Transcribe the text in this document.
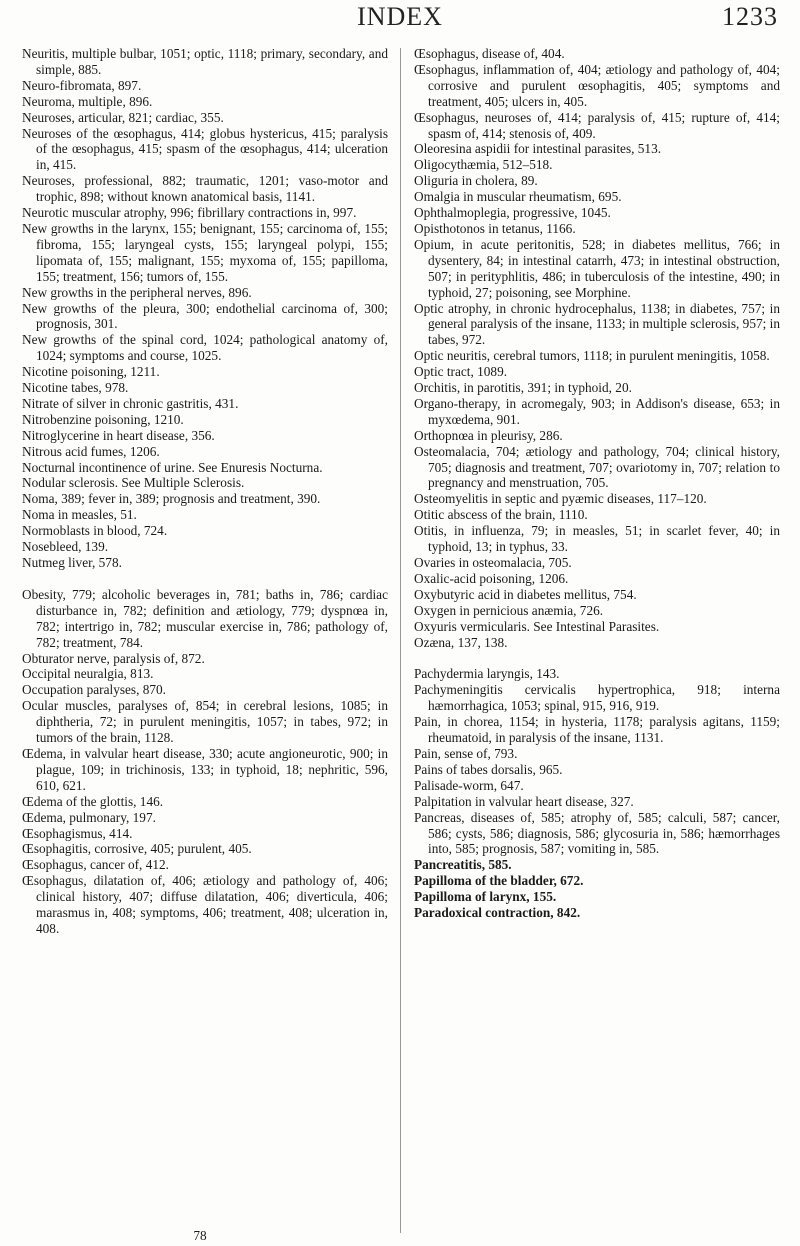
INDEX	1233

Neuritis, multiple bulbar, 1051; optic, 1118; primary, secondary, and simple, 885.

Neuro-fibromata, 897.

Neuroma, multiple, 896.

Neuroses, articular, 821; cardiac, 355.

Neuroses of the œsophagus, 414; globus hystericus, 415; paralysis of the œsophagus, 415; spasm of the œsophagus, 414; ulceration in, 415.

Neuroses, professional, 882; traumatic, 1201; vaso-motor and trophic, 898; without known anatomical basis, 1141.

Neurotic muscular atrophy, 996; fibrillary contractions in, 997.

New growths in the larynx, 155; benignant, 155; carcinoma of, 155; fibroma, 155; laryngeal cysts, 155; laryngeal polypi, 155; lipomata of, 155; malignant, 155; myxoma of, 155; papilloma, 155; treatment, 156; tumors of, 155.

New growths in the peripheral nerves, 896.

New growths of the pleura, 300; endothelial carcinoma of, 300; prognosis, 301.

New growths of the spinal cord, 1024; pathological anatomy of, 1024; symptoms and course, 1025.

Nicotine poisoning, 1211.

Nicotine tabes, 978.

Nitrate of silver in chronic gastritis, 431.

Nitrobenzine poisoning, 1210.

Nitroglycerine in heart disease, 356.

Nitrous acid fumes, 1206.

Nocturnal incontinence of urine. See Enuresis Nocturna.

Nodular sclerosis. See Multiple Sclerosis.

Noma, 389; fever in, 389; prognosis and treatment, 390.

Noma in measles, 51.

Normoblasts in blood, 724.

Nosebleed, 139.

Nutmeg liver, 578.

Obesity, 779; alcoholic beverages in, 781; baths in, 786; cardiac disturbance in, 782; definition and ætiology, 779; dyspnœa in, 782; intertrigo in, 782; muscular exercise in, 786; pathology of, 782; treatment, 784.

Obturator nerve, paralysis of, 872.

Occipital neuralgia, 813.

Occupation paralyses, 870.

Ocular muscles, paralyses of, 854; in cerebral lesions, 1085; in diphtheria, 72; in purulent meningitis, 1057; in tabes, 972; in tumors of the brain, 1128.

Œdema, in valvular heart disease, 330; acute angioneurotic, 900; in plague, 109; in trichinosis, 133; in typhoid, 18; nephritic, 596, 610, 621.

Œdema of the glottis, 146.

Œdema, pulmonary, 197.

Œsophagismus, 414.

Œsophagitis, corrosive, 405; purulent, 405.

Œsophagus, cancer of, 412.

Œsophagus, dilatation of, 406; ætiology and pathology of, 406; clinical history, 407; diffuse dilatation, 406; diverticula, 406; marasmus in, 408; symptoms, 406; treatment, 408; ulceration in, 408.

Œsophagus, disease of, 404.

Œsophagus, inflammation of, 404; ætiology and pathology of, 404; corrosive and purulent œsophagitis, 405; symptoms and treatment, 405; ulcers in, 405.

Œsophagus, neuroses of, 414; paralysis of, 415; rupture of, 414; spasm of, 414; stenosis of, 409.

Oleoresina aspidii for intestinal parasites, 513.

Oligocythæmia, 512–518.

Oliguria in cholera, 89.

Omalgia in muscular rheumatism, 695.

Ophthalmoplegia, progressive, 1045.

Opisthotonos in tetanus, 1166.

Opium, in acute peritonitis, 528; in diabetes mellitus, 766; in dysentery, 84; in intestinal catarrh, 473; in intestinal obstruction, 507; in perityphlitis, 486; in tuberculosis of the intestine, 490; in typhoid, 27; poisoning, see Morphine.

Optic atrophy, in chronic hydrocephalus, 1138; in diabetes, 757; in general paralysis of the insane, 1133; in multiple sclerosis, 957; in tabes, 972.

Optic neuritis, cerebral tumors, 1118; in purulent meningitis, 1058.

Optic tract, 1089.

Orchitis, in parotitis, 391; in typhoid, 20.

Organo-therapy, in acromegaly, 903; in Addison's disease, 653; in myxœdema, 901.

Orthopnœa in pleurisy, 286.

Osteomalacia, 704; ætiology and pathology, 704; clinical history, 705; diagnosis and treatment, 707; ovariotomy in, 707; relation to pregnancy and menstruation, 705.

Osteomyelitis in septic and pyæmic diseases, 117–120.

Otitic abscess of the brain, 1110.

Otitis, in influenza, 79; in measles, 51; in scarlet fever, 40; in typhoid, 13; in typhus, 33.

Ovaries in osteomalacia, 705.

Oxalic-acid poisoning, 1206.

Oxybutyric acid in diabetes mellitus, 754.

Oxygen in pernicious anæmia, 726.

Oxyuris vermicularis. See Intestinal Parasites.

Ozæna, 137, 138.

Pachydermia laryngis, 143.

Pachymeningitis cervicalis hypertrophica, 918; interna hæmorrhagica, 1053; spinal, 915, 916, 919.

Pain, in chorea, 1154; in hysteria, 1178; paralysis agitans, 1159; rheumatoid, in paralysis of the insane, 1131.

Pain, sense of, 793.

Pains of tabes dorsalis, 965.

Palisade-worm, 647.

Palpitation in valvular heart disease, 327.

Pancreas, diseases of, 585; atrophy of, 585; calculi, 587; cancer, 586; cysts, 586; diagnosis, 586; glycosuria in, 586; hæmorrhages into, 585; prognosis, 587; vomiting in, 585.

Pancreatitis, 585.

Papilloma of the bladder, 672.

Papilloma of larynx, 155.

Paradoxical contraction, 842.

78
